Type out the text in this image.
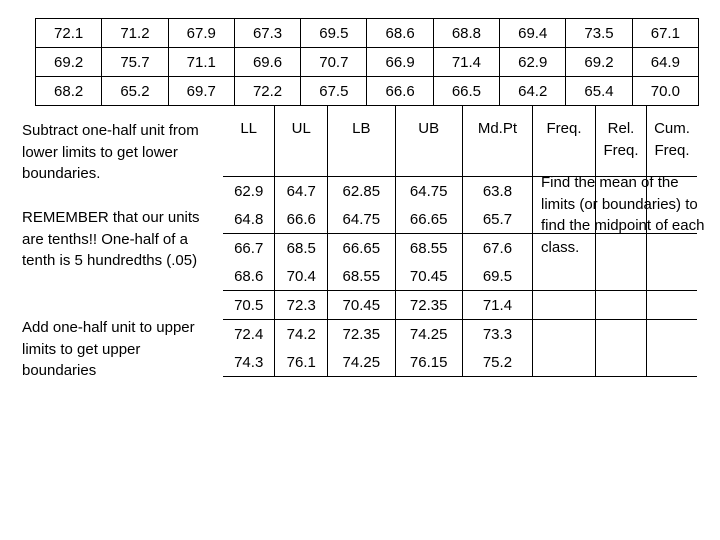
72.1	71.2	67.9	67.3	69.5	68.6	68.8	69.4	73.5	67.1
69.2	75.7	71.1	69.6	70.7	66.9	71.4	62.9	69.2	64.9
68.2	65.2	69.7	72.2	67.5	66.6	66.5	64.2	65.4	70.0
Subtract one-half unit from lower limits to get lower boundaries.
REMEMBER that our units are tenths!! One-half of a tenth is 5 hundredths (.05)
Add one-half unit to upper limits to get upper boundaries
LL	UL	LB	UB	Md.Pt	Freq.	Rel. Freq.	Cum. Freq.
62.9	64.7	62.85	64.75	63.8			
64.8	66.6	64.75	66.65	65.7			
66.7	68.5	66.65	68.55	67.6			
68.6	70.4	68.55	70.45	69.5			
70.5	72.3	70.45	72.35	71.4			
72.4	74.2	72.35	74.25	73.3			
74.3	76.1	74.25	76.15	75.2			
Find the mean of the limits (or boundaries) to find the midpoint of each class.
